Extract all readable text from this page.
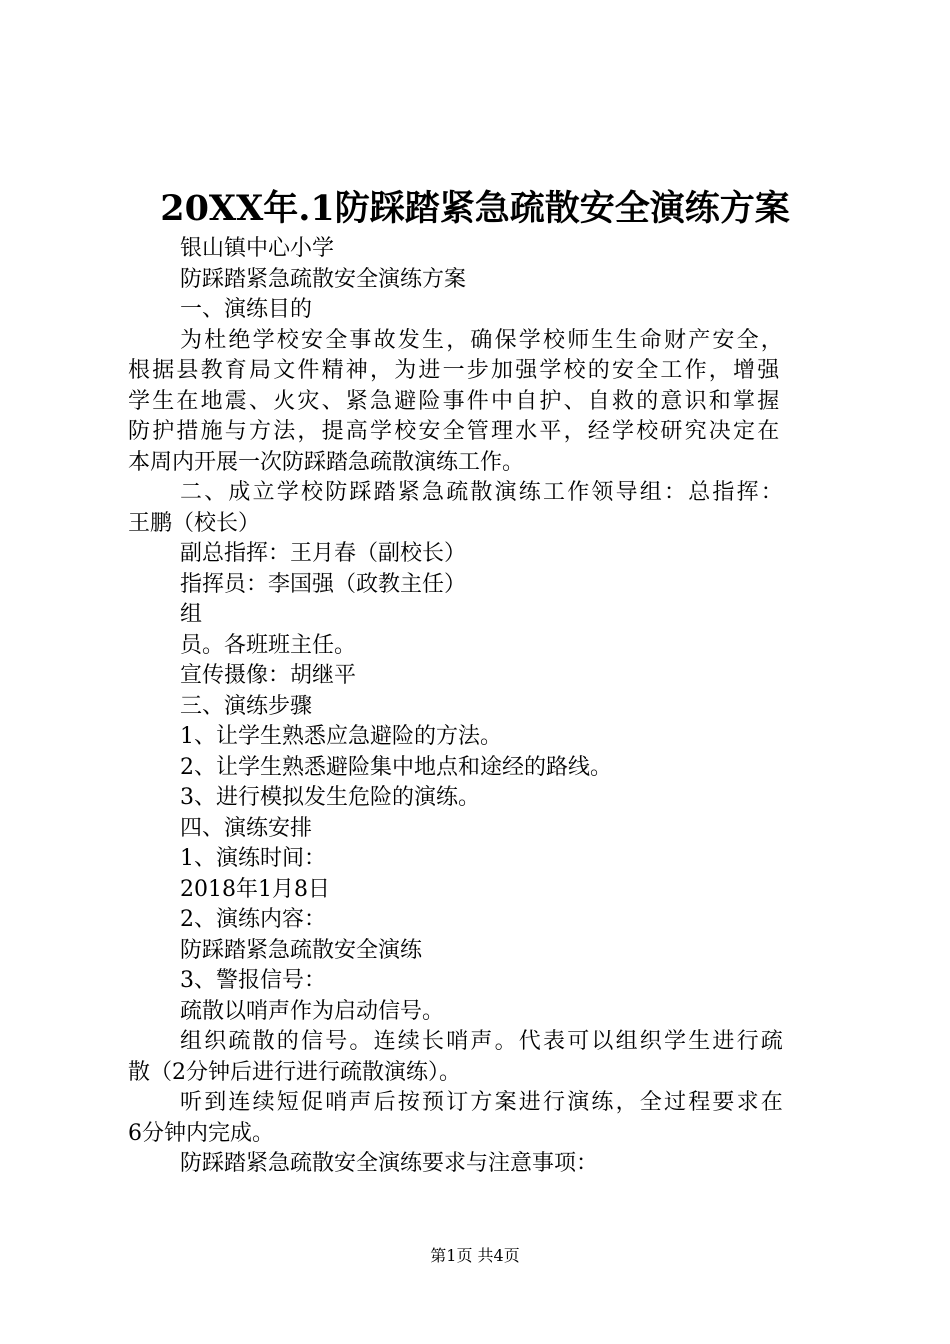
20XX年.1防踩踏紧急疏散安全演练方案

银山镇中心小学

防踩踏紧急疏散安全演练方案

一、演练目的

为杜绝学校安全事故发生，确保学校师生生命财产安全，

根据县教育局文件精神，为进一步加强学校的安全工作，增强

学生在地震、火灾、紧急避险事件中自护、自救的意识和掌握

防护措施与方法，提高学校安全管理水平，经学校研究决定在

本周内开展一次防踩踏急疏散演练工作。

二、成立学校防踩踏紧急疏散演练工作领导组：总指挥：

王鹏（校长）

副总指挥：王月春（副校长）

指挥员：李国强（政教主任）

组

员。各班班主任。

宣传摄像：胡继平

三、演练步骤

1、让学生熟悉应急避险的方法。

2、让学生熟悉避险集中地点和途经的路线。

3、进行模拟发生危险的演练。

四、演练安排

1、演练时间：

2018年1月8日

2、演练内容：

防踩踏紧急疏散安全演练

3、警报信号：

疏散以哨声作为启动信号。

组织疏散的信号。连续长哨声。代表可以组织学生进行疏

散（2分钟后进行进行疏散演练）。

听到连续短促哨声后按预订方案进行演练，全过程要求在

6分钟内完成。

防踩踏紧急疏散安全演练要求与注意事项：

第1页 共4页
